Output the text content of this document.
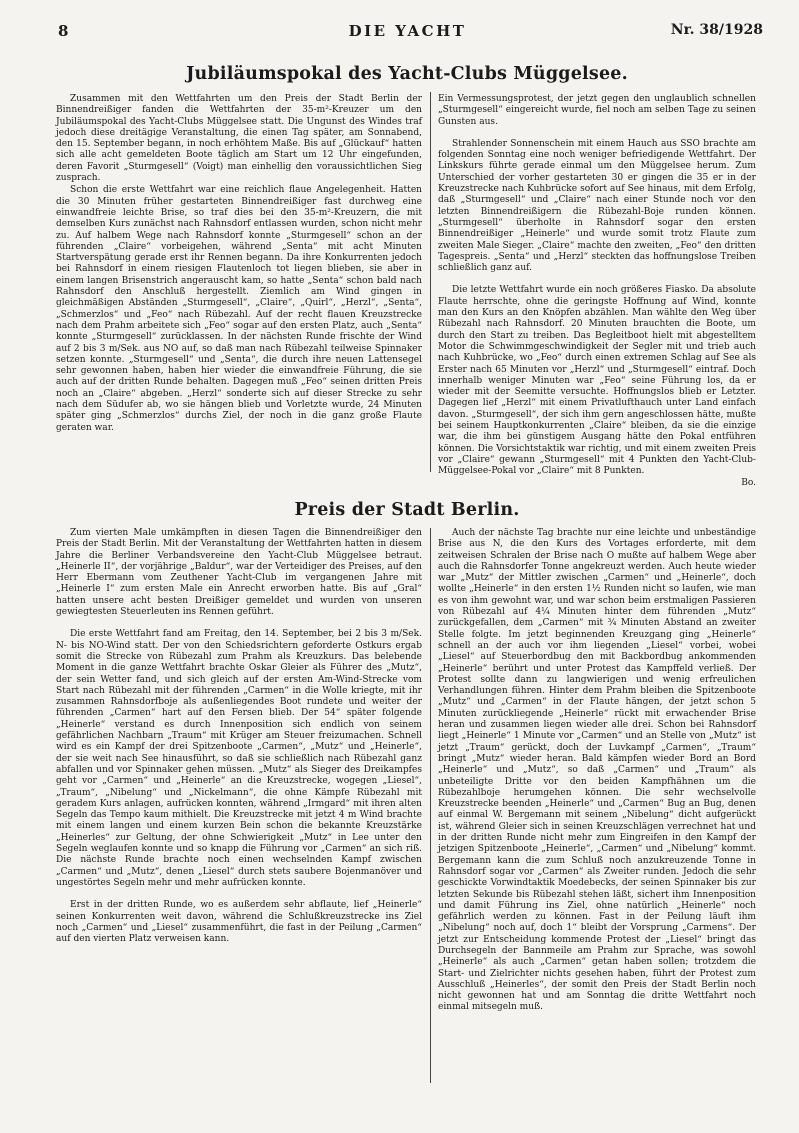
8	DIE YACHT	Nr. 38/1928
Jubiläumspokal des Yacht-Clubs Müggelsee.

Zusammen mit den Wettfahrten um den Preis der Stadt Berlin der Binnendreißiger fanden die Wettfahrten der 35-m²-Kreuzer um den Jubiläumspokal des Yacht-Clubs Müggelsee statt. Die Ungunst des Windes traf jedoch diese dreitägige Veranstaltung, die einen Tag später, am Sonnabend, den 15. September begann, in noch erhöhtem Maße. Bis auf „Glückauf“ hatten sich alle acht gemeldeten Boote täglich am Start um 12 Uhr eingefunden, deren Favorit „Sturmgesell“ (Voigt) man einhellig den voraussichtlichen Sieg zusprach.

Schon die erste Wettfahrt war eine reichlich flaue Angelegenheit. Hatten die 30 Minuten früher gestarteten Binnendreißiger fast durchweg eine einwandfreie leichte Brise, so traf dies bei den 35-m²-Kreuzern, die mit demselben Kurs zunächst nach Rahnsdorf entlassen wurden, schon nicht mehr zu. Auf halbem Wege nach Rahnsdorf konnte „Sturmgesell“ schon an der führenden „Claire“ vorbeigehen, während „Senta“ mit acht Minuten Startverspätung gerade erst ihr Rennen begann. Da ihre Konkurrenten jedoch bei Rahnsdorf in einem riesigen Flautenloch tot liegen blieben, sie aber in einem langen Brisenstrich angerauscht kam, so hatte „Senta“ schon bald nach Rahnsdorf den Anschluß hergestellt. Ziemlich am Wind gingen in gleichmäßigen Abständen „Sturmgesell“, „Claire“, „Quirl“, „Herzl“, „Senta“, „Schmerzlos“ und „Feo“ nach Rübezahl. Auf der recht flauen Kreuzstrecke nach dem Prahm arbeitete sich „Feo“ sogar auf den ersten Platz, auch „Senta“ konnte „Sturmgesell“ zurücklassen. In der nächsten Runde frischte der Wind auf 2 bis 3 m/Sek. aus NO auf, so daß man nach Rübezahl teilweise Spinnaker setzen konnte. „Sturmgesell“ und „Senta“, die durch ihre neuen Lattensegel sehr gewonnen haben, haben hier wieder die einwandfreie Führung, die sie auch auf der dritten Runde behalten. Dagegen muß „Feo“ seinen dritten Preis noch an „Claire“ abgeben. „Herzl“ sonderte sich auf dieser Strecke zu sehr nach dem Südufer ab, wo sie hängen blieb und Vorletzte wurde, 24 Minuten später ging „Schmerzlos“ durchs Ziel, der noch in die ganz große Flaute geraten war.

Ein Vermessungsprotest, der jetzt gegen den unglaublich schnellen „Sturmgesell“ eingereicht wurde, fiel noch am selben Tage zu seinen Gunsten aus.

Strahlender Sonnenschein mit einem Hauch aus SSO brachte am folgenden Sonntag eine noch weniger befriedigende Wettfahrt. Der Linkskurs führte gerade einmal um den Müggelsee herum. Zum Unterschied der vorher gestarteten 30 er gingen die 35 er in der Kreuzstrecke nach Kuhbrücke sofort auf See hinaus, mit dem Erfolg, daß „Sturmgesell“ und „Claire“ nach einer Stunde noch vor den letzten Binnendreißigern die Rübezahl-Boje runden können. „Sturmgesell“ überholte in Rahnsdorf sogar den ersten Binnendreißiger „Heinerle“ und wurde somit trotz Flaute zum zweiten Male Sieger. „Claire“ machte den zweiten, „Feo“ den dritten Tagespreis. „Senta“ und „Herzl“ steckten das hoffnungslose Treiben schließlich ganz auf.

Die letzte Wettfahrt wurde ein noch größeres Fiasko. Da absolute Flaute herrschte, ohne die geringste Hoffnung auf Wind, konnte man den Kurs an den Knöpfen abzählen. Man wählte den Weg über Rübezahl nach Rahnsdorf. 20 Minuten brauchten die Boote, um durch den Start zu treiben. Das Begleitboot hielt mit abgestelltem Motor die Schwimmgeschwindigkeit der Segler mit und trieb auch nach Kuhbrücke, wo „Feo“ durch einen extremen Schlag auf See als Erster nach 65 Minuten vor „Herzl“ und „Sturmgesell“ eintraf. Doch innerhalb weniger Minuten war „Feo“ seine Führung los, da er wieder mit der Seemitte versuchte. Hoffnungslos blieb er Letzter. Dagegen lief „Herzl“ mit einem Privatlufthauch unter Land einfach davon. „Sturmgesell“, der sich ihm gern angeschlossen hätte, mußte bei seinem Hauptkonkurrenten „Claire“ bleiben, da sie die einzige war, die ihm bei günstigem Ausgang hätte den Pokal entführen können. Die Vorsichtstaktik war richtig, und mit einem zweiten Preis vor „Claire“ gewann „Sturmgesell“ mit 4 Punkten den Yacht-Club-Müggelsee-Pokal vor „Claire“ mit 8 Punkten.

Bo.
Preis der Stadt Berlin.

Zum vierten Male umkämpften in diesen Tagen die Binnendreißiger den Preis der Stadt Berlin. Mit der Veranstaltung der Wettfahrten hatten in diesem Jahre die Berliner Verbandsvereine den Yacht-Club Müggelsee betraut. „Heinerle II“, der vorjährige „Baldur“, war der Verteidiger des Preises, auf den Herr Ebermann vom Zeuthener Yacht-Club im vergangenen Jahre mit „Heinerle I“ zum ersten Male ein Anrecht erworben hatte. Bis auf „Gral“ hatten unsere acht besten Dreißiger gemeldet und wurden von unseren gewiegtesten Steuerleuten ins Rennen geführt.

Die erste Wettfahrt fand am Freitag, den 14. September, bei 2 bis 3 m/Sek. N- bis NO-Wind statt. Der von den Schiedsrichtern geforderte Ostkurs ergab somit die Strecke von Rübezahl zum Prahm als Kreuzkurs. Das belebende Moment in die ganze Wettfahrt brachte Oskar Gleier als Führer des „Mutz“, der sein Wetter fand, und sich gleich auf der ersten Am-Wind-Strecke vom Start nach Rübezahl mit der führenden „Carmen“ in die Wolle kriegte, mit ihr zusammen Rahnsdorfboje als außenliegendes Boot rundete und weiter der führenden „Carmen“ hart auf den Fersen blieb. Der 54“ später folgende „Heinerle“ verstand es durch Innenposition sich endlich von seinem gefährlichen Nachbarn „Traum“ mit Krüger am Steuer freizumachen. Schnell wird es ein Kampf der drei Spitzenboote „Carmen“, „Mutz“ und „Heinerle“, der sie weit nach See hinausführt, so daß sie schließlich nach Rübezahl ganz abfallen und vor Spinnaker gehen müssen. „Mutz“ als Sieger des Dreikampfes geht vor „Carmen“ und „Heinerle“ an die Kreuzstrecke, wogegen „Liesel“, „Traum“, „Nibelung“ und „Nickelmann“, die ohne Kämpfe Rübezahl mit geradem Kurs anlagen, aufrücken konnten, während „Irmgard“ mit ihren alten Segeln das Tempo kaum mithielt. Die Kreuzstrecke mit jetzt 4 m Wind brachte mit einem langen und einem kurzen Bein schon die bekannte Kreuzstärke „Heinerles“ zur Geltung, der ohne Schwierigkeit „Mutz“ in Lee unter den Segeln weglaufen konnte und so knapp die Führung vor „Carmen“ an sich riß. Die nächste Runde brachte noch einen wechselnden Kampf zwischen „Carmen“ und „Mutz“, denen „Liesel“ durch stets saubere Bojenmanöver und ungestörtes Segeln mehr und mehr aufrücken konnte.

Erst in der dritten Runde, wo es außerdem sehr abflaute, lief „Heinerle“ seinen Konkurrenten weit davon, während die Schlußkreuzstrecke ins Ziel noch „Carmen“ und „Liesel“ zusammenführt, die fast in der Peilung „Carmen“ auf den vierten Platz verweisen kann.

Auch der nächste Tag brachte nur eine leichte und unbeständige Brise aus N, die den Kurs des Vortages erforderte, mit dem zeitweisen Schralen der Brise nach O mußte auf halbem Wege aber auch die Rahnsdorfer Tonne angekreuzt werden. Auch heute wieder war „Mutz“ der Mittler zwischen „Carmen“ und „Heinerle“, doch wollte „Heinerle“ in den ersten 1½ Runden nicht so laufen, wie man es von ihm gewohnt war, und war schon beim erstmaligen Passieren von Rübezahl auf 4¼ Minuten hinter dem führenden „Mutz“ zurückgefallen, dem „Carmen“ mit ¾ Minuten Abstand an zweiter Stelle folgte. Im jetzt beginnenden Kreuzgang ging „Heinerle“ schnell an der auch vor ihm liegenden „Liesel“ vorbei, wobei „Liesel“ auf Steuerbordbug den mit Backbordbug ankommenden „Heinerle“ berührt und unter Protest das Kampffeld verließ. Der Protest sollte dann zu langwierigen und wenig erfreulichen Verhandlungen führen. Hinter dem Prahm bleiben die Spitzenboote „Mutz“ und „Carmen“ in der Flaute hängen, der jetzt schon 5 Minuten zurückliegende „Heinerle“ rückt mit erwachender Brise heran und zusammen liegen wieder alle drei. Schon bei Rahnsdorf liegt „Heinerle“ 1 Minute vor „Carmen“ und an Stelle von „Mutz“ ist jetzt „Traum“ gerückt, doch der Luvkampf „Carmen“, „Traum“ bringt „Mutz“ wieder heran. Bald kämpfen wieder Bord an Bord „Heinerle“ und „Mutz“, so daß „Carmen“ und „Traum“ als unbeteiligte Dritte vor den beiden Kampfhähnen um die Rübezahlboje herumgehen können. Die sehr wechselvolle Kreuzstrecke beenden „Heinerle“ und „Carmen“ Bug an Bug, denen auf einmal W. Bergemann mit seinem „Nibelung“ dicht aufgerückt ist, während Gleier sich in seinen Kreuzschlägen verrechnet hat und in der dritten Runde nicht mehr zum Eingreifen in den Kampf der jetzigen Spitzenboote „Heinerle“, „Carmen“ und „Nibelung“ kommt. Bergemann kann die zum Schluß noch anzukreuzende Tonne in Rahnsdorf sogar vor „Carmen“ als Zweiter runden. Jedoch die sehr geschickte Vorwindtaktik Moedebecks, der seinen Spinnaker bis zur letzten Sekunde bis Rübezahl stehen läßt, sichert ihm Innenposition und damit Führung ins Ziel, ohne natürlich „Heinerle“ noch gefährlich werden zu können. Fast in der Peilung läuft ihm „Nibelung“ noch auf, doch 1“ bleibt der Vorsprung „Carmens“. Der jetzt zur Entscheidung kommende Protest der „Liesel“ bringt das Durchsegeln der Bannmeile am Prahm zur Sprache, was sowohl „Heinerle“ als auch „Carmen“ getan haben sollen; trotzdem die Start- und Zielrichter nichts gesehen haben, führt der Protest zum Ausschluß „Heinerles“, der somit den Preis der Stadt Berlin noch nicht gewonnen hat und am Sonntag die dritte Wettfahrt noch einmal mitsegeln muß.
